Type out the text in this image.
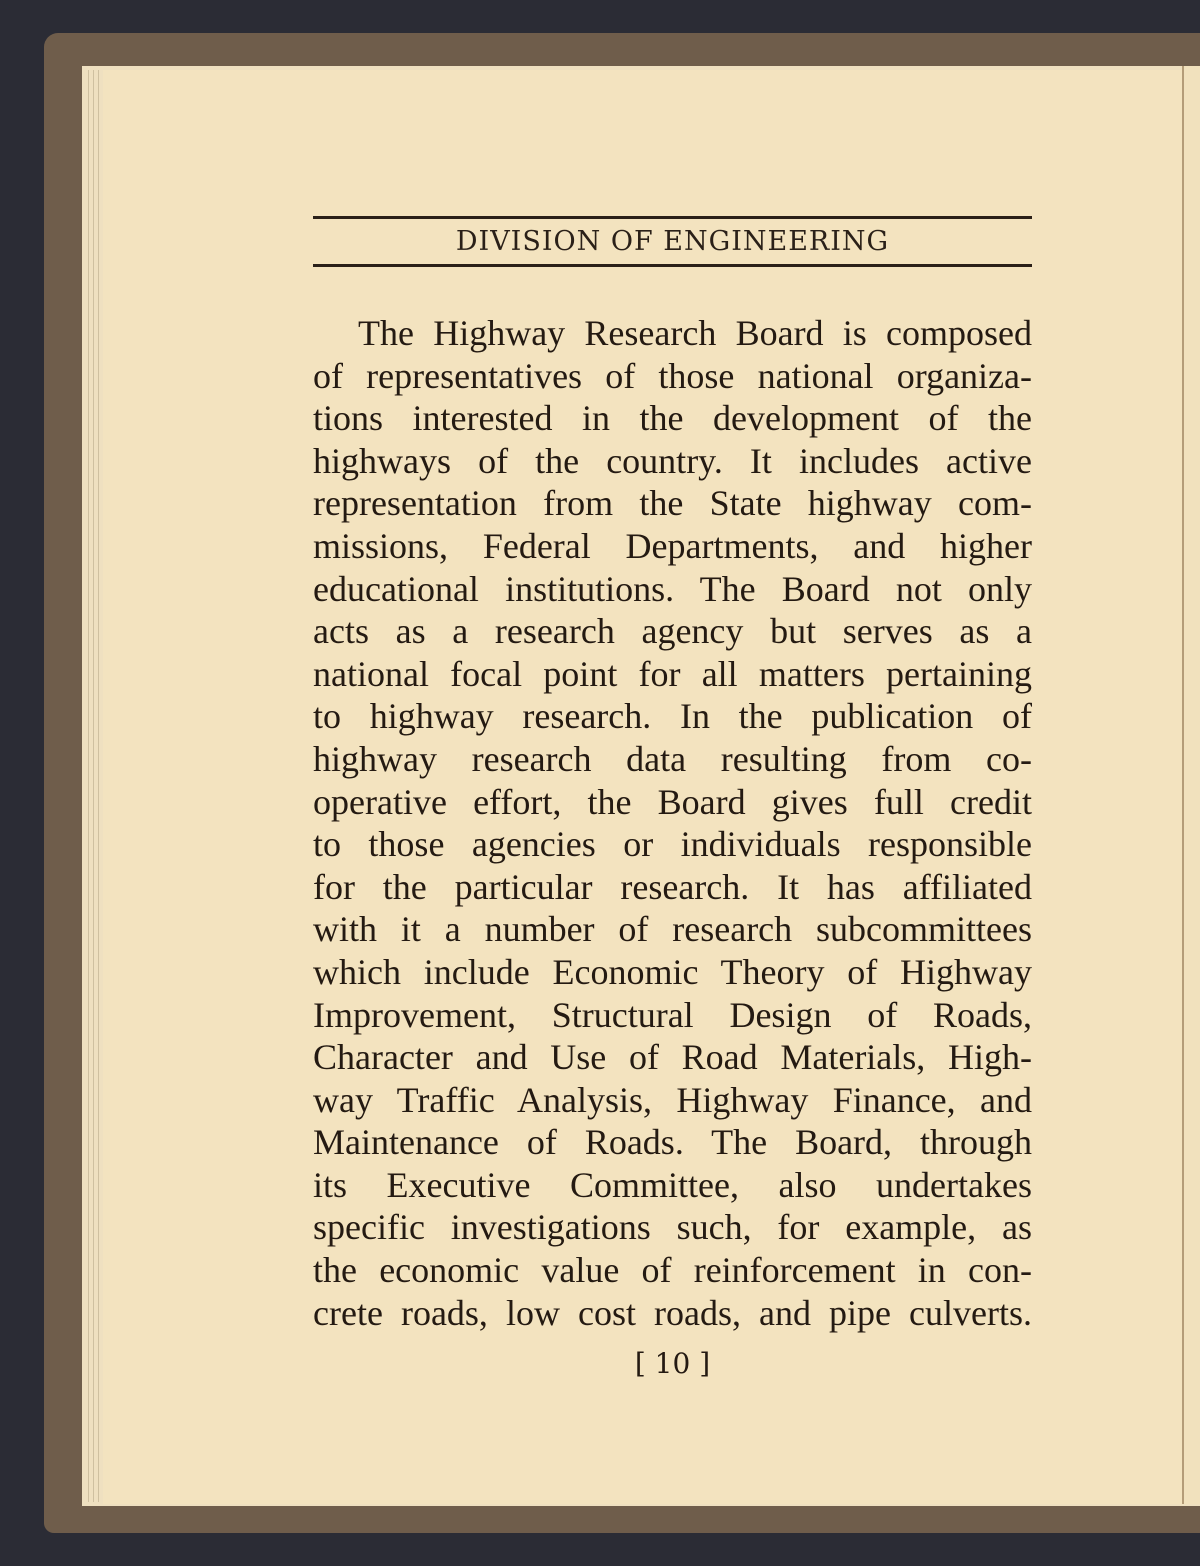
DIVISION OF ENGINEERING
The Highway Research Board is composed
of representatives of those national organiza-
tions interested in the development of the
highways of the country. It includes active
representation from the State highway com-
missions, Federal Departments, and higher
educational institutions. The Board not only
acts as a research agency but serves as a
national focal point for all matters pertaining
to highway research. In the publication of
highway research data resulting from co-
operative effort, the Board gives full credit
to those agencies or individuals responsible
for the particular research. It has affiliated
with it a number of research subcommittees
which include Economic Theory of Highway
Improvement, Structural Design of Roads,
Character and Use of Road Materials, High-
way Traffic Analysis, Highway Finance, and
Maintenance of Roads. The Board, through
its Executive Committee, also undertakes
specific investigations such, for example, as
the economic value of reinforcement in con-
crete roads, low cost roads, and pipe culverts.
[ 10 ]
